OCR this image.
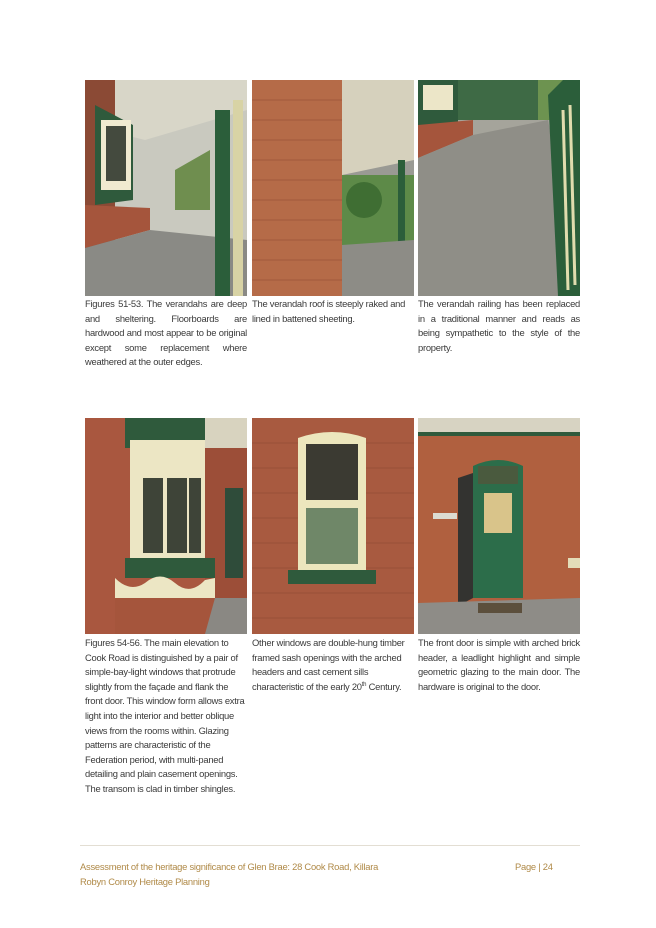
Figures 51-53. The verandahs are deep and sheltering. Floorboards are hardwood and most appear to be original except some replacement where weathered at the outer edges.

The verandah roof is steeply raked and lined in battened sheeting.

The verandah railing has been replaced in a traditional manner and reads as being sympathetic to the style of the property.

Figures 54-56. The main elevation to Cook Road is distinguished by a pair of simple-bay-light windows that protrude slightly from the façade and flank the front door. This window form allows extra light into the interior and better oblique views from the rooms within. Glazing patterns are characteristic of the Federation period, with multi-paned detailing and plain casement openings. The transom is clad in timber shingles.

Other windows are double-hung timber framed sash openings with the arched headers and cast cement sills characteristic of the early 20th Century.

The front door is simple with arched brick header, a leadlight highlight and simple geometric glazing to the main door. The hardware is original to the door.

Assessment of the heritage significance of Glen Brae: 28 Cook Road, Killara
Robyn Conroy Heritage Planning
Page | 24
